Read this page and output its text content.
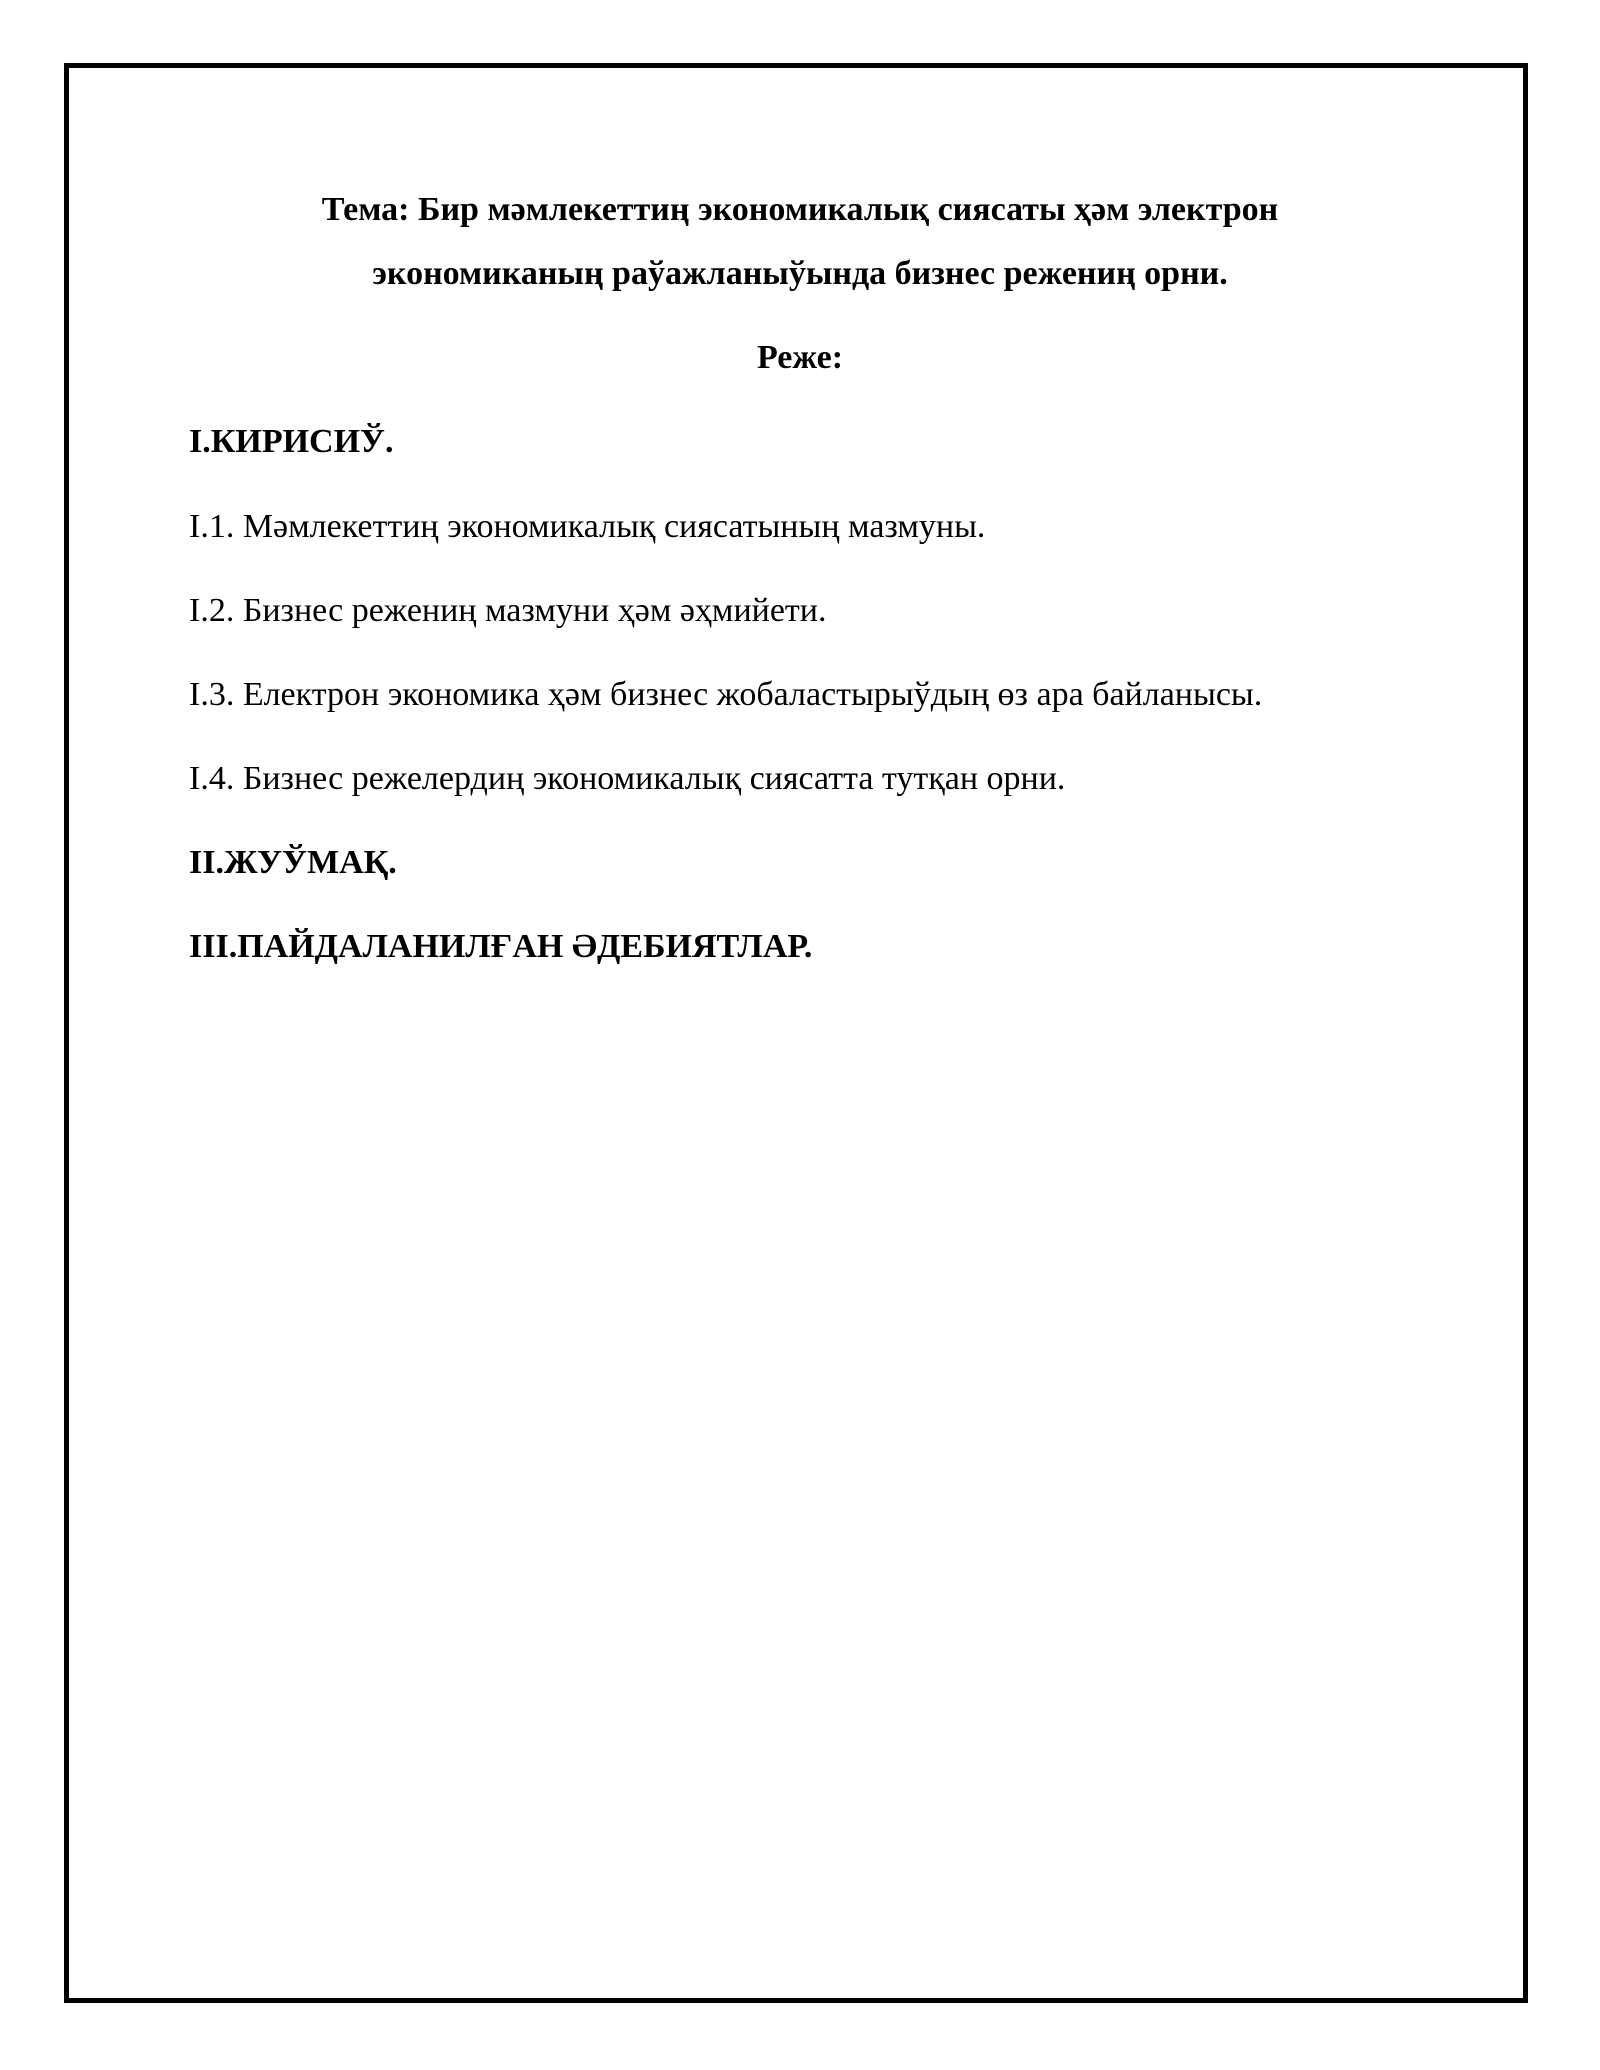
Тема: Бир мәмлекеттиң экономикалық сиясаты ҳәм электрон
экономиканың раўажланыўында бизнес режениң орни.
Реже:
I.КИРИСИЎ.
I.1. Мәмлекеттиң экономикалық сиясатының мазмуны.
I.2. Бизнес режениң мазмуни ҳәм әҳмийети.
I.3. Електрон экономика ҳәм бизнес жобаластырыўдың өз ара байланысы.
I.4. Бизнес режелердиң экономикалық сиясатта тутқан орни.
II.ЖУЎМАҚ.
III.ПАЙДАЛАНИЛҒАН ӘДЕБИЯТЛАР.
